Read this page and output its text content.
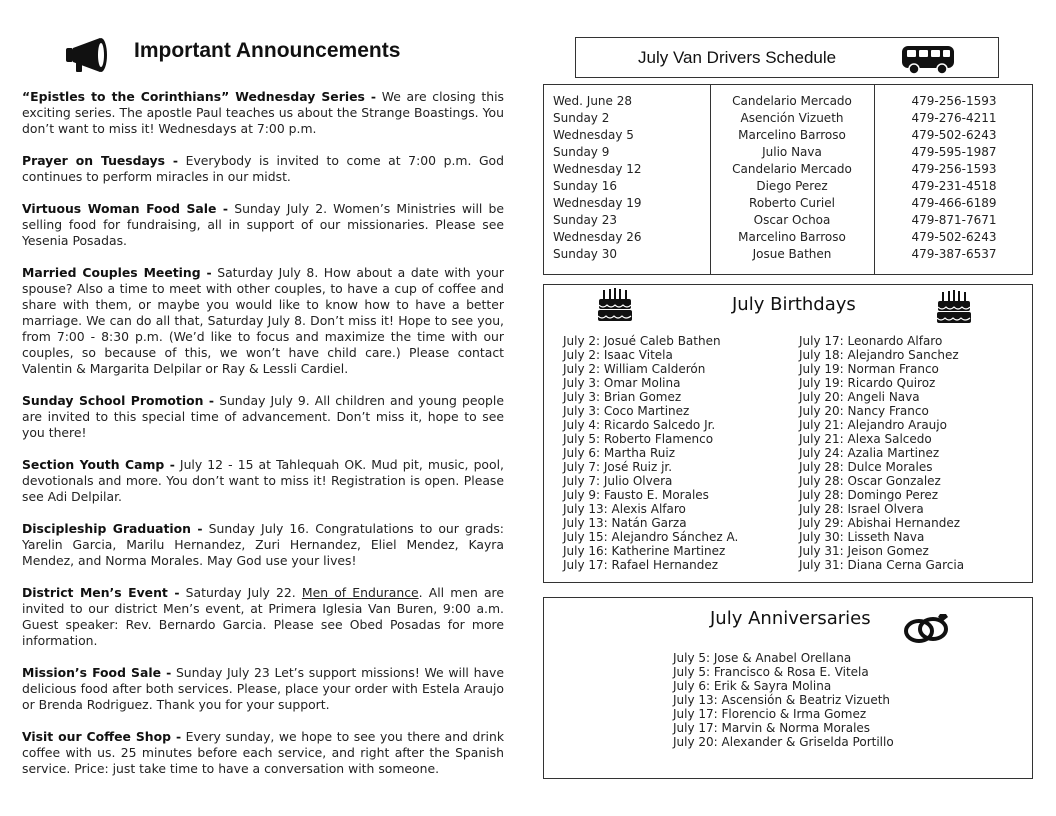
Important Announcements

“Epistles to the Corinthians” Wednesday Series - We are closing this exciting series. The apostle Paul teaches us about the Strange Boastings. You don’t want to miss it! Wednesdays at 7:00 p.m.

Prayer on Tuesdays - Everybody is invited to come at 7:00 p.m. God continues to perform miracles in our midst.

Virtuous Woman Food Sale - Sunday July 2. Women’s Ministries will be selling food for fundraising, all in support of our missionaries. Please see Yesenia Posadas.

Married Couples Meeting - Saturday July 8. How about a date with your spouse? Also a time to meet with other couples, to have a cup of coffee and share with them, or maybe you would like to know how to have a better marriage. We can do all that, Saturday July 8. Don’t miss it! Hope to see you, from 7:00 - 8:30 p.m. (We’d like to focus and maximize the time with our couples, so because of this, we won’t have child care.) Please contact Valentin & Margarita Delpilar or Ray & Lessli Cardiel.

Sunday School Promotion - Sunday July 9. All children and young people are invited to this special time of advancement. Don’t miss it, hope to see you there!

Section Youth Camp - July 12 - 15 at Tahlequah OK. Mud pit, music, pool, devotionals and more. You don’t want to miss it! Registration is open. Please see Adi Delpilar.

Discipleship Graduation - Sunday July 16. Congratulations to our grads: Yarelin Garcia, Marilu Hernandez, Zuri Hernandez, Eliel Mendez, Kayra Mendez, and Norma Morales. May God use your lives!

District Men’s Event - Saturday July 22. Men of Endurance. All men are invited to our district Men’s event, at Primera Iglesia Van Buren, 9:00 a.m. Guest speaker: Rev. Bernardo Garcia. Please see Obed Posadas for more information.

Mission’s Food Sale - Sunday July 23 Let’s support missions! We will have delicious food after both services. Please, place your order with Estela Araujo or Brenda Rodriguez. Thank you for your support.

Visit our Coffee Shop - Every sunday, we hope to see you there and drink coffee with us. 25 minutes before each service, and right after the Spanish service. Price: just take time to have a conversation with someone.

July Van Drivers Schedule
Wed. June 28	Candelario Mercado	479-256-1593
Sunday 2	Asención Vizueth	479-276-4211
Wednesday 5	Marcelino Barroso	479-502-6243
Sunday 9	Julio Nava	479-595-1987
Wednesday 12	Candelario Mercado	479-256-1593
Sunday 16	Diego Perez	479-231-4518
Wednesday 19	Roberto Curiel	479-466-6189
Sunday 23	Oscar Ochoa	479-871-7671
Wednesday 26	Marcelino Barroso	479-502-6243
Sunday 30	Josue Bathen	479-387-6537
July Birthdays
July 2: Josué Caleb Bathen
July 2: Isaac Vitela
July 2: William Calderón
July 3: Omar Molina
July 3: Brian Gomez
July 3: Coco Martinez
July 4: Ricardo Salcedo Jr.
July 5: Roberto Flamenco
July 6: Martha Ruiz
July 7: José Ruiz jr.
July 7: Julio Olvera
July 9: Fausto E. Morales
July 13: Alexis Alfaro
July 13: Natán Garza
July 15: Alejandro Sánchez A.
July 16: Katherine Martinez
July 17: Rafael Hernandez
July 17: Leonardo Alfaro
July 18: Alejandro Sanchez
July 19: Norman Franco
July 19: Ricardo Quiroz
July 20: Angeli Nava
July 20: Nancy Franco
July 21: Alejandro Araujo
July 21: Alexa Salcedo
July 24: Azalia Martinez
July 28: Dulce Morales
July 28: Oscar Gonzalez
July 28: Domingo Perez
July 28: Israel Olvera
July 29: Abishai Hernandez
July 30: Lisseth Nava
July 31: Jeison Gomez
July 31: Diana Cerna Garcia
July Anniversaries
July 5: Jose & Anabel Orellana
July 5: Francisco & Rosa E. Vitela
July 6: Erik & Sayra Molina
July 13: Ascensión & Beatriz Vizueth
July 17: Florencio & Irma Gomez
July 17: Marvin & Norma Morales
July 20: Alexander & Griselda Portillo
